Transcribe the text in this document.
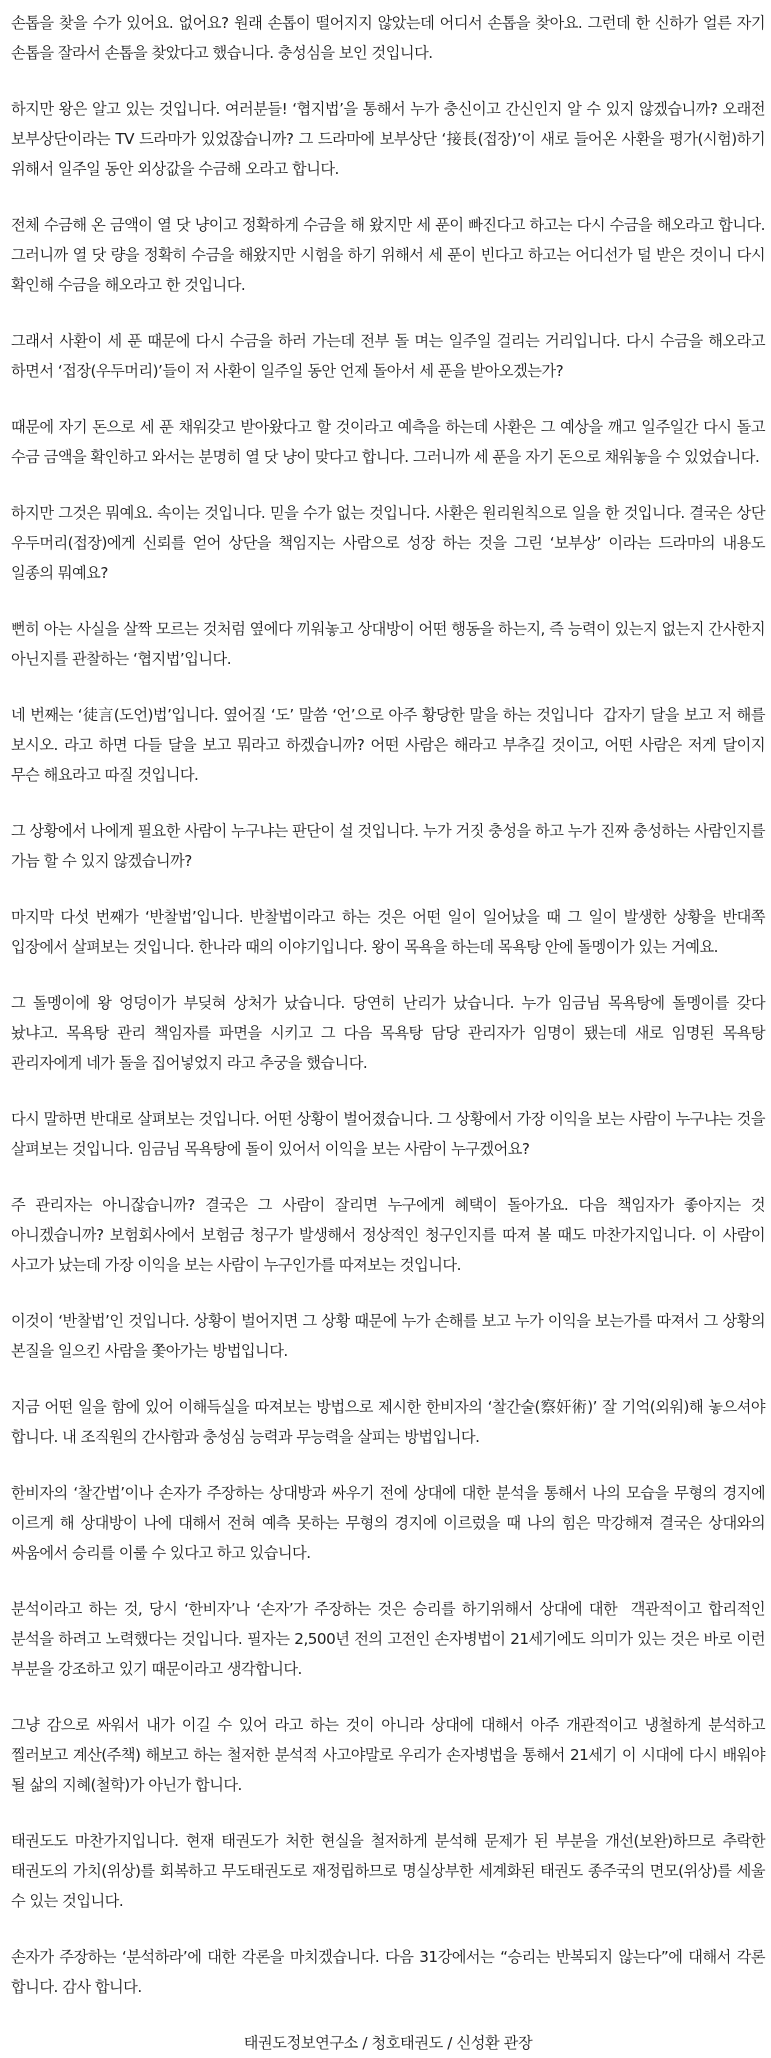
손톱을 찾을 수가 있어요. 없어요? 원래 손톱이 떨어지지 않았는데 어디서 손톱을 찾아요. 그런데 한 신하가 얼른 자기 손톱을 잘라서 손톱을 찾았다고 했습니다. 충성심을 보인 것입니다.

하지만 왕은 알고 있는 것입니다. 여러분들! ‘협지법’을 통해서 누가 충신이고 간신인지 알 수 있지 않겠습니까? 오래전 보부상단이라는 TV 드라마가 있었잖습니까? 그 드라마에 보부상단 ‘接長(접장)’이 새로 들어온 사환을 평가(시험)하기 위해서 일주일 동안 외상값을 수금해 오라고 합니다.

전체 수금해 온 금액이 열 닷 냥이고 정확하게 수금을 해 왔지만 세 푼이 빠진다고 하고는 다시 수금을 해오라고 합니다. 그러니까 열 닷 량을 정확히 수금을 해왔지만 시험을 하기 위해서 세 푼이 빈다고 하고는 어디선가 덜 받은 것이니 다시 확인해 수금을 해오라고 한 것입니다.

그래서 사환이 세 푼 때문에 다시 수금을 하러 가는데 전부 돌 며는 일주일 걸리는 거리입니다. 다시 수금을 해오라고 하면서 ‘접장(우두머리)’들이 저 사환이 일주일 동안 언제 돌아서 세 푼을 받아오겠는가?

때문에 자기 돈으로 세 푼 채워갖고 받아왔다고 할 것이라고 예측을 하는데 사환은 그 예상을 깨고 일주일간 다시 돌고 수금 금액을 확인하고 와서는 분명히 열 닷 냥이 맞다고 합니다. 그러니까 세 푼을 자기 돈으로 채워놓을 수 있었습니다.

하지만 그것은 뭐예요. 속이는 것입니다. 믿을 수가 없는 것입니다. 사환은 원리원칙으로 일을 한 것입니다. 결국은 상단 우두머리(접장)에게 신뢰를 얻어 상단을 책임지는 사람으로 성장 하는 것을 그린 ‘보부상’ 이라는 드라마의 내용도 일종의 뭐예요?

뻔히 아는 사실을 살짝 모르는 것처럼 옆에다 끼워놓고 상대방이 어떤 행동을 하는지, 즉 능력이 있는지 없는지 간사한지 아닌지를 관찰하는 ‘협지법’입니다.

네 번째는 ‘徒言(도언)법’입니다. 옆어질 ‘도’ 말씀 ‘언’으로 아주 황당한 말을 하는 것입니다  갑자기 달을 보고 저 해를 보시오. 라고 하면 다들 달을 보고 뭐라고 하겠습니까? 어떤 사람은 해라고 부추길 것이고, 어떤 사람은 저게 달이지 무슨 해요라고 따질 것입니다.

그 상황에서 나에게 필요한 사람이 누구냐는 판단이 설 것입니다. 누가 거짓 충성을 하고 누가 진짜 충성하는 사람인지를 가늠 할 수 있지 않겠습니까?

마지막 다섯 번째가 ‘반찰법’입니다. 반찰법이라고 하는 것은 어떤 일이 일어났을 때 그 일이 발생한 상황을 반대쪽 입장에서 살펴보는 것입니다. 한나라 때의 이야기입니다. 왕이 목욕을 하는데 목욕탕 안에 돌멩이가 있는 거예요.

그 돌멩이에 왕 엉덩이가 부딪혀 상처가 났습니다. 당연히 난리가 났습니다. 누가 임금님 목욕탕에 돌멩이를 갖다 놨냐고. 목욕탕 관리 책임자를 파면을 시키고 그 다음 목욕탕 담당 관리자가 임명이 됐는데 새로 임명된 목욕탕 관리자에게 네가 돌을 집어넣었지 라고 추궁을 했습니다.

다시 말하면 반대로 살펴보는 것입니다. 어떤 상황이 벌어졌습니다. 그 상황에서 가장 이익을 보는 사람이 누구냐는 것을 살펴보는 것입니다. 임금님 목욕탕에 돌이 있어서 이익을 보는 사람이 누구겠어요?

주 관리자는 아니잖습니까? 결국은 그 사람이 잘리면 누구에게 혜택이 돌아가요. 다음 책임자가 좋아지는 것 아니겠습니까? 보험회사에서 보험금 청구가 발생해서 정상적인 청구인지를 따져 볼 때도 마찬가지입니다. 이 사람이 사고가 났는데 가장 이익을 보는 사람이 누구인가를 따져보는 것입니다.

이것이 ‘반찰법’인 것입니다. 상황이 벌어지면 그 상황 때문에 누가 손해를 보고 누가 이익을 보는가를 따져서 그 상황의 본질을 일으킨 사람을 쫓아가는 방법입니다.

지금 어떤 일을 함에 있어 이해득실을 따져보는 방법으로 제시한 한비자의 ‘찰간술(察奸術)’ 잘 기억(외워)해 놓으셔야 합니다. 내 조직원의 간사함과 충성심 능력과 무능력을 살피는 방법입니다.

한비자의 ‘찰간법’이나 손자가 주장하는 상대방과 싸우기 전에 상대에 대한 분석을 통해서 나의 모습을 무형의 경지에 이르게 해 상대방이 나에 대해서 전혀 예측 못하는 무형의 경지에 이르렀을 때 나의 힘은 막강해져 결국은 상대와의 싸움에서 승리를 이룰 수 있다고 하고 있습니다.

분석이라고 하는 것, 당시 ‘한비자’나 ‘손자’가 주장하는 것은 승리를 하기위해서 상대에 대한  객관적이고 합리적인 분석을 하려고 노력했다는 것입니다. 필자는 2,500년 전의 고전인 손자병법이 21세기에도 의미가 있는 것은 바로 이런 부분을 강조하고 있기 때문이라고 생각합니다.

그냥 감으로 싸워서 내가 이길 수 있어 라고 하는 것이 아니라 상대에 대해서 아주 개관적이고 냉철하게 분석하고 찔러보고 계산(주책) 해보고 하는 철저한 분석적 사고야말로 우리가 손자병법을 통해서 21세기 이 시대에 다시 배워야 될 삶의 지혜(철학)가 아닌가 합니다.

태권도도 마찬가지입니다. 현재 태권도가 처한 현실을 철저하게 분석해 문제가 된 부분을 개선(보완)하므로 추락한 태권도의 가치(위상)를 회복하고 무도태권도로 재정립하므로 명실상부한 세계화된 태권도 종주국의 면모(위상)를 세울 수 있는 것입니다.

손자가 주장하는 ‘분석하라’에 대한 각론을 마치겠습니다. 다음 31강에서는 “승리는 반복되지 않는다”에 대해서 각론 합니다. 감사 합니다.

태권도정보연구소 / 청호태권도 / 신성환 관장
